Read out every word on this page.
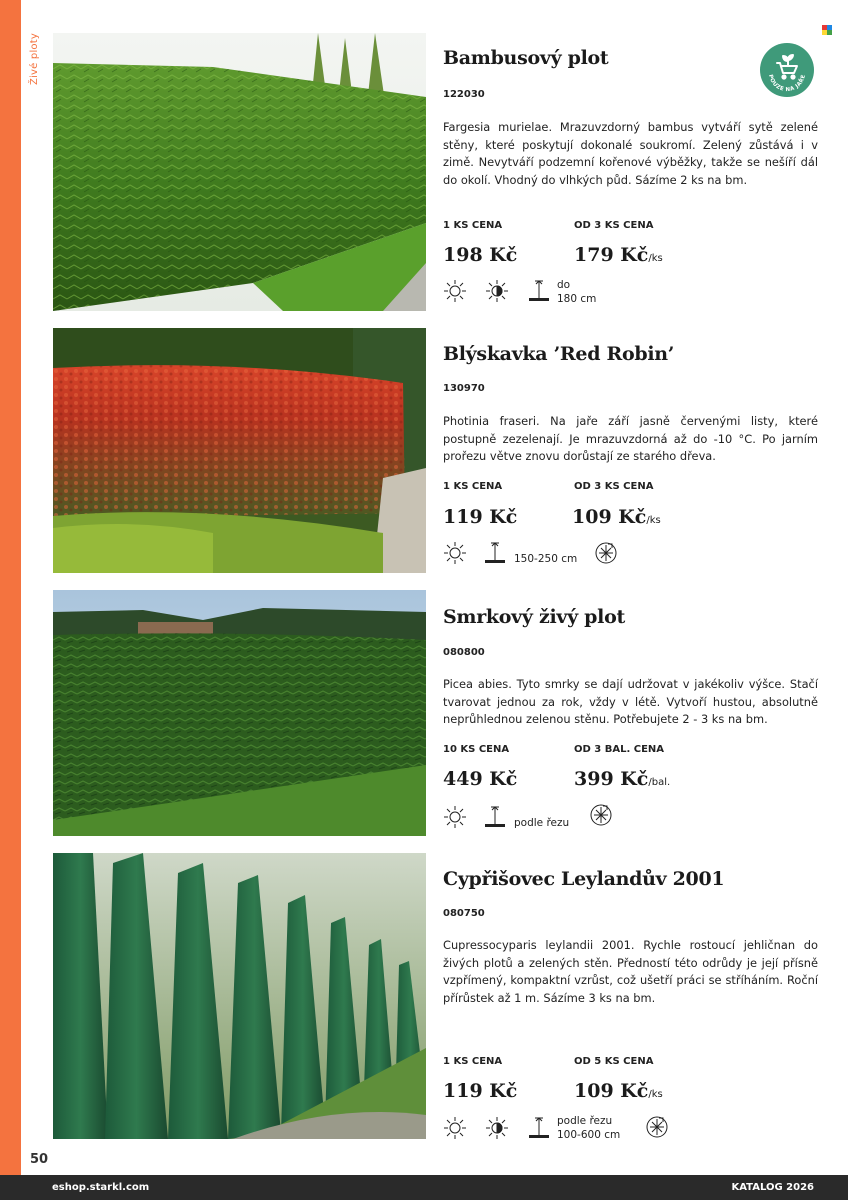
Živé ploty	POUZE NA JAŘE
Bambusový plot
122030
Fargesia murielae. Mrazuvzdorný bambus vytváří sytě zelené stěny, které poskytují dokonalé soukromí. Zelený zůstává i v zimě. Nevytváří podzemní kořenové výběžky, takže se nešíří dál do okolí. Vhodný do vlhkých půd. Sázíme 2 ks na bm.
1 KS CENA	OD 3 KS CENA
198 Kč	179 Kč/ks
do
180 cm
Blýskavka ’Red Robin’
130970
Photinia fraseri. Na jaře září jasně červenými listy, které postupně zezelenají. Je mrazuvzdorná až do -10 °C. Po jarním prořezu větve znovu dorůstají ze starého dřeva.
1 KS CENA	OD 3 KS CENA
119 Kč	109 Kč/ks
150-250 cm
Smrkový živý plot
080800
Picea abies. Tyto smrky se dají udržovat v jakékoliv výšce. Stačí tvarovat jednou za rok, vždy v létě. Vytvoří hustou, absolutně neprůhlednou zelenou stěnu. Potřebujete 2 - 3 ks na bm.
10 KS CENA	OD 3 BAL. CENA
449 Kč	399 Kč/bal.
podle řezu
Cypřišovec Leylandův 2001
080750
Cupressocyparis leylandii 2001. Rychle rostoucí jehličnan do živých plotů a zelených stěn. Předností této odrůdy je její přísně vzpřímený, kompaktní vzrůst, což ušetří práci se stříháním. Roční přírůstek až 1 m. Sázíme 3 ks na bm.
1 KS CENA	OD 5 KS CENA
119 Kč	109 Kč/ks
podle řezu
100-600 cm
50
eshop.starkl.com	KATALOG 2026
